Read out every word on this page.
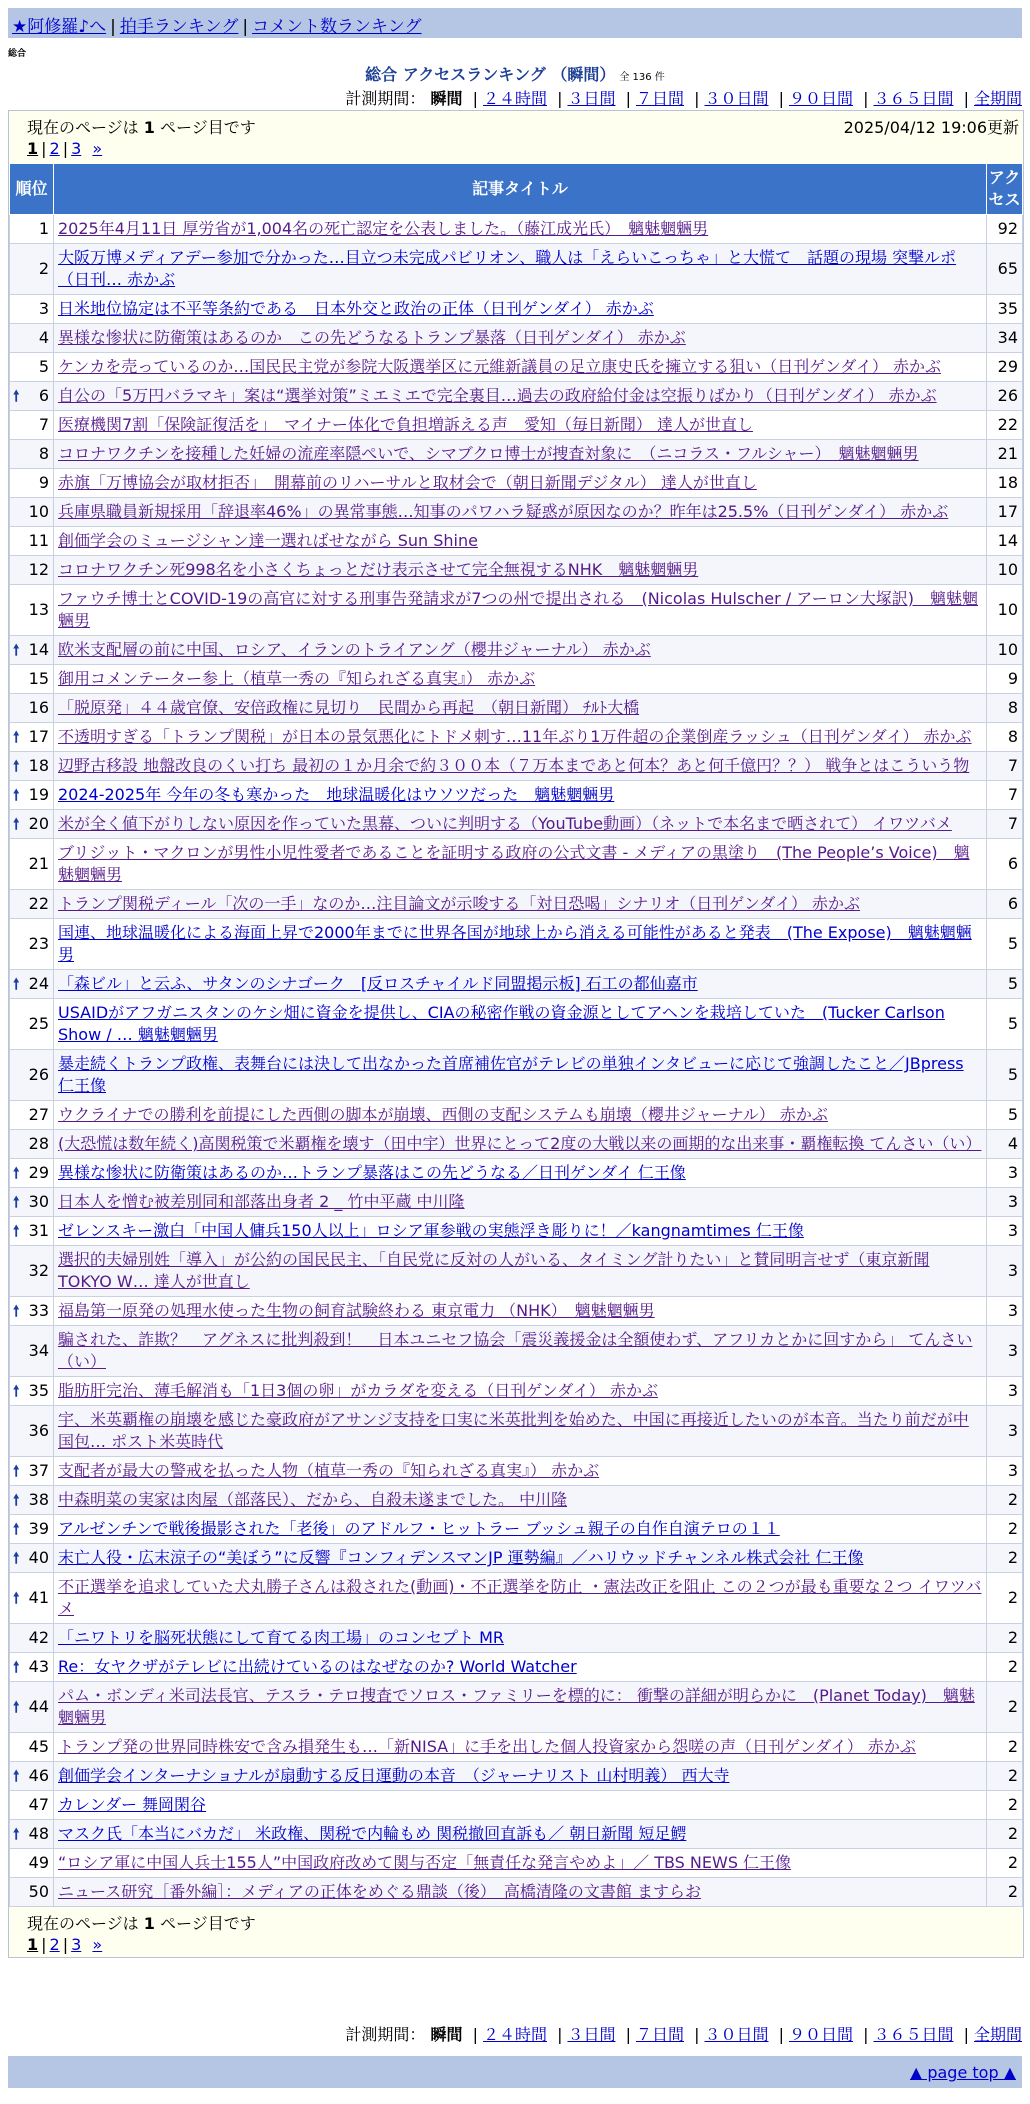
★阿修羅♪へ | 拍手ランキング | コメント数ランキング
総合
総合 アクセスランキング （瞬間） 全 136 件
計測期間： 瞬間 | ２４時間 | ３日間 | ７日間 | ３０日間 | ９０日間 | ３６５日間 | 全期間
現在のページは 1 ページ目です	2025/04/12 19:06更新
1 | 2 | 3 »
順位	記事タイトル	アクセス
1	2025年4月11日 厚労省が1,004名の死亡認定を公表しました。（藤江成光氏）　魑魅魍魎男	92
2	大阪万博メディアデー参加で分かった…目立つ未完成パビリオン、職人は「えらいこっちゃ」と大慌て　話題の現場 突撃ルポ（日刊… 赤かぶ	65
3	日米地位協定は不平等条約である　日本外交と政治の正体（日刊ゲンダイ） 赤かぶ	35
4	異様な惨状に防衛策はあるのか　この先どうなるトランプ暴落（日刊ゲンダイ） 赤かぶ	34
5	ケンカを売っているのか…国民民主党が参院大阪選挙区に元維新議員の足立康史氏を擁立する狙い（日刊ゲンダイ） 赤かぶ	29

🠕 6	自公の「5万円バラマキ」案は“選挙対策”ミエミエで完全裏目…過去の政府給付金は空振りばかり（日刊ゲンダイ） 赤かぶ	26
7	医療機関7割「保険証復活を」　マイナー体化で負担増訴える声　愛知（毎日新聞） 達人が世直し	22
8	コロナワクチンを接種した妊婦の流産率隠ぺいで、シマブクロ博士が捜査対象に　（ニコラス・フルシャー）　魑魅魍魎男	21
9	赤旗「万博協会が取材拒否」　開幕前のリハーサルと取材会で（朝日新聞デジタル） 達人が世直し	18
10	兵庫県職員新規採用「辞退率46%」の異常事態…知事のパワハラ疑惑が原因なのか？昨年は25.5%（日刊ゲンダイ） 赤かぶ	17
11	創価学会のミュージシャン達一選ればせながら Sun Shine	14
12	コロナワクチン死998名を小さくちょっとだけ表示させて完全無視するNHK　魑魅魍魎男	10
13	ファウチ博士とCOVID-19の高官に対する刑事告発請求が7つの州で提出される　(Nicolas Hulscher / アーロン大塚訳)　魑魅魍魎男	10

🠕 14	欧米支配層の前に中国、ロシア、イランのトライアング（櫻井ジャーナル） 赤かぶ	10
15	御用コメンテーター参上（植草一秀の『知られざる真実』） 赤かぶ	9
16	「脱原発」４４歳官僚、安倍政権に見切り　民間から再起　（朝日新聞） ﾁﾙﾄ大橋	8

🠕 17	不透明すぎる「トランプ関税」が日本の景気悪化にトドメ刺す…11年ぶり1万件超の企業倒産ラッシュ（日刊ゲンダイ） 赤かぶ	8

🠕 18	辺野古移設 地盤改良のくい打ち 最初の１か月余で約３００本（７万本まであと何本？あと何千億円？？） 戦争とはこういう物	7

🠕 19	2024-2025年 今年の冬も寒かった　地球温暖化はウソツだった　魑魅魍魎男	7

🠕 20	米が全く値下がりしない原因を作っていた黒幕、ついに判明する（YouTube動画）（ネットで本名まで晒されて） イワツバメ	7
21	ブリジット・マクロンが男性小児性愛者であることを証明する政府の公式文書 - メディアの黒塗り　(The People’s Voice)　魑魅魍魎男	6
22	トランプ関税ディール「次の一手」なのか…注目論文が示唆する「対日恐喝」シナリオ（日刊ゲンダイ） 赤かぶ	6
23	国連、地球温暖化による海面上昇で2000年までに世界各国が地球上から消える可能性があると発表　(The Expose)　魑魅魍魎男	5

🠕 24	「森ビル」と云ふ、サタンのシナゴーク　[反ロスチャイルド同盟掲示板] 石工の都仙嘉市	5
25	USAIDがアフガニスタンのケシ畑に資金を提供し、CIAの秘密作戦の資金源としてアヘンを栽培していた　(Tucker Carlson Show / … 魑魅魍魎男	5
26	暴走続くトランプ政権、表舞台には決して出なかった首席補佐官がテレビの単独インタビューに応じて強調したこと／JBpress 仁王像	5
27	ウクライナでの勝利を前提にした西側の脚本が崩壊、西側の支配システムも崩壊（櫻井ジャーナル） 赤かぶ	5
28	(大恐慌は数年続く)高関税策で米覇権を壊す（田中宇）世界にとって2度の大戦以来の画期的な出来事・覇権転換 てんさい（い）	4

🠕 29	異様な惨状に防衛策はあるのか…トランプ暴落はこの先どうなる／日刊ゲンダイ 仁王像	3

🠕 30	日本人を憎む被差別同和部落出身者 2 _ 竹中平蔵 中川隆	3

🠕 31	ゼレンスキー激白「中国人傭兵150人以上」ロシア軍参戦の実態浮き彫りに！／kangnamtimes 仁王像	3
32	選択的夫婦別姓「導入」が公約の国民民主、「自民党に反対の人がいる、タイミング計りたい」と賛同明言せず（東京新聞TOKYO W… 達人が世直し	3

🠕 33	福島第一原発の処理水使った生物の飼育試験終わる 東京電力 （NHK）　魑魅魍魎男	3
34	騙された、詐欺？　アグネスに批判殺到！　日本ユニセフ協会「震災義援金は全額使わず、アフリカとかに回すから」 てんさい（い）	3

🠕 35	脂肪肝完治、薄毛解消も「1日3個の卵」がカラダを変える（日刊ゲンダイ） 赤かぶ	3
36	宇、米英覇権の崩壊を感じた豪政府がアサンジ支持を口実に米英批判を始めた、中国に再接近したいのが本音。当たり前だが中国包… ポスト米英時代	3

🠕 37	支配者が最大の警戒を払った人物（植草一秀の『知られざる真実』） 赤かぶ	3

🠕 38	中森明菜の実家は肉屋（部落民）、だから、自殺未遂までした。 中川隆	2

🠕 39	アルゼンチンで戦後撮影された「老後」のアドルフ・ヒットラー ブッシュ親子の自作自演テロの１１	2

🠕 40	末亡人役・広末涼子の“美ぼう”に反響『コンフィデンスマンJP 運勢編』／ハリウッドチャンネル株式会社 仁王像	2

🠕 41	不正選挙を追求していた犬丸勝子さんは殺された(動画)・不正選挙を防止 ・憲法改正を阻止 この２つが最も重要な２つ イワツバメ	2
42	「ニワトリを脳死状態にして育てる肉工場」のコンセプト MR	2

🠕 43	Re：女ヤクザがテレビに出続けているのはなぜなのか? World Watcher	2

🠕 44	パム・ボンディ米司法長官、テスラ・テロ捜査でソロス・ファミリーを標的に： 衝撃の詳細が明らかに　(Planet Today)　魑魅魍魎男	2
45	トランプ発の世界同時株安で含み損発生も…「新NISA」に手を出した個人投資家から怨嗟の声（日刊ゲンダイ） 赤かぶ	2

🠕 46	創価学会インターナショナルが扇動する反日運動の本音　（ジャーナリスト 山村明義） 西大寺	2
47	カレンダー 舞岡閑谷	2

🠕 48	マスク氏「本当にバカだ」 米政権、関税で内輪もめ 関税撤回直訴も／ 朝日新聞 短足鰐	2
49	“ロシア軍に中国人兵士155人”中国政府改めて関与否定「無責任な発言やめよ」／ TBS NEWS 仁王像	2
50	ニュース研究［番外編］：メディアの正体をめぐる鼎談（後）　高橋清隆の文書館 ますらお	2
現在のページは 1 ページ目です
1 | 2 | 3 »
計測期間： 瞬間 | ２４時間 | ３日間 | ７日間 | ３０日間 | ９０日間 | ３６５日間 | 全期間
▲ page top ▲
